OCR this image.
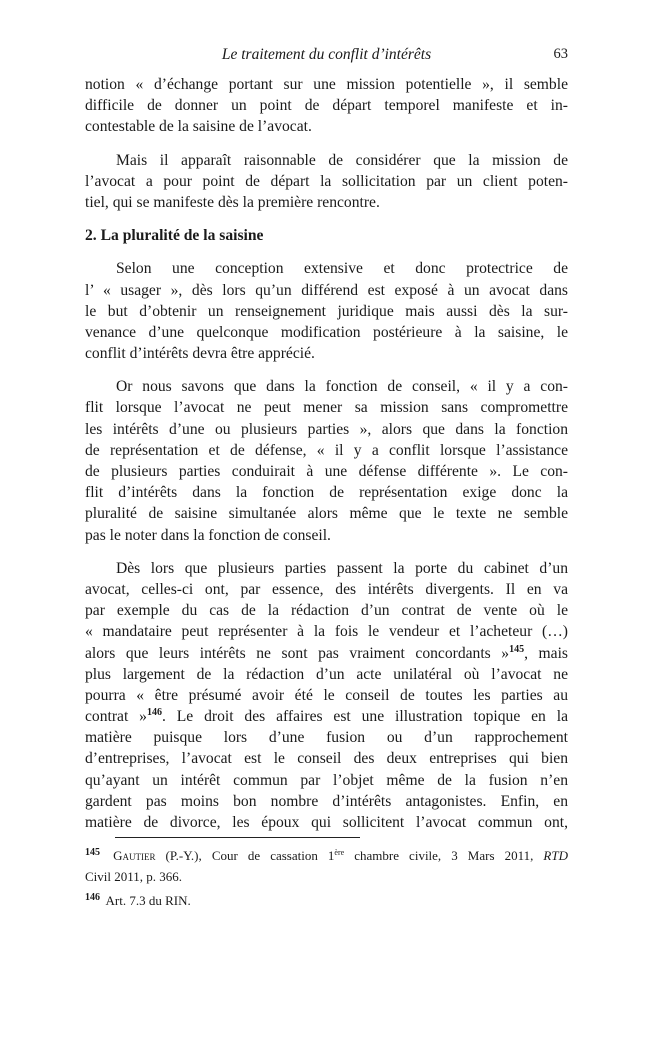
Le traitement du conflit d’intérêts	63
notion « d’échange portant sur une mission potentielle », il semble
difficile de donner un point de départ temporel manifeste et in-
contestable de la saisine de l’avocat.
Mais il apparaît raisonnable de considérer que la mission de
l’avocat a pour point de départ la sollicitation par un client poten-
tiel, qui se manifeste dès la première rencontre.
2. La pluralité de la saisine
Selon une conception extensive et donc protectrice de
l’ « usager », dès lors qu’un différend est exposé à un avocat dans
le but d’obtenir un renseignement juridique mais aussi dès la sur-
venance d’une quelconque modification postérieure à la saisine, le
conflit d’intérêts devra être apprécié.
Or nous savons que dans la fonction de conseil, « il y a con-
flit lorsque l’avocat ne peut mener sa mission sans compromettre
les intérêts d’une ou plusieurs parties », alors que dans la fonction
de représentation et de défense, « il y a conflit lorsque l’assistance
de plusieurs parties conduirait à une défense différente ». Le con-
flit d’intérêts dans la fonction de représentation exige donc la
pluralité de saisine simultanée alors même que le texte ne semble
pas le noter dans la fonction de conseil.
Dès lors que plusieurs parties passent la porte du cabinet d’un
avocat, celles-ci ont, par essence, des intérêts divergents. Il en va
par exemple du cas de la rédaction d’un contrat de vente où le
« mandataire peut représenter à la fois le vendeur et l’acheteur (…)
alors que leurs intérêts ne sont pas vraiment concordants »$^{145}$, mais
plus largement de la rédaction d’un acte unilatéral où l’avocat ne
pourra « être présumé avoir été le conseil de toutes les parties au
contrat »$^{146}$. Le droit des affaires est une illustration topique en la
matière puisque lors d’une fusion ou d’un rapprochement
d’entreprises, l’avocat est le conseil des deux entreprises qui bien
qu’ayant un intérêt commun par l’objet même de la fusion n’en
gardent pas moins bon nombre d’intérêts antagonistes. Enfin, en
matière de divorce, les époux qui sollicitent l’avocat commun ont,
$^{145}$ Gautier (P.-Y.), Cour de cassation 1ère chambre civile, 3 Mars 2011, RTD
Civil 2011, p. 366.
$^{146}$ Art. 7.3 du RIN.
